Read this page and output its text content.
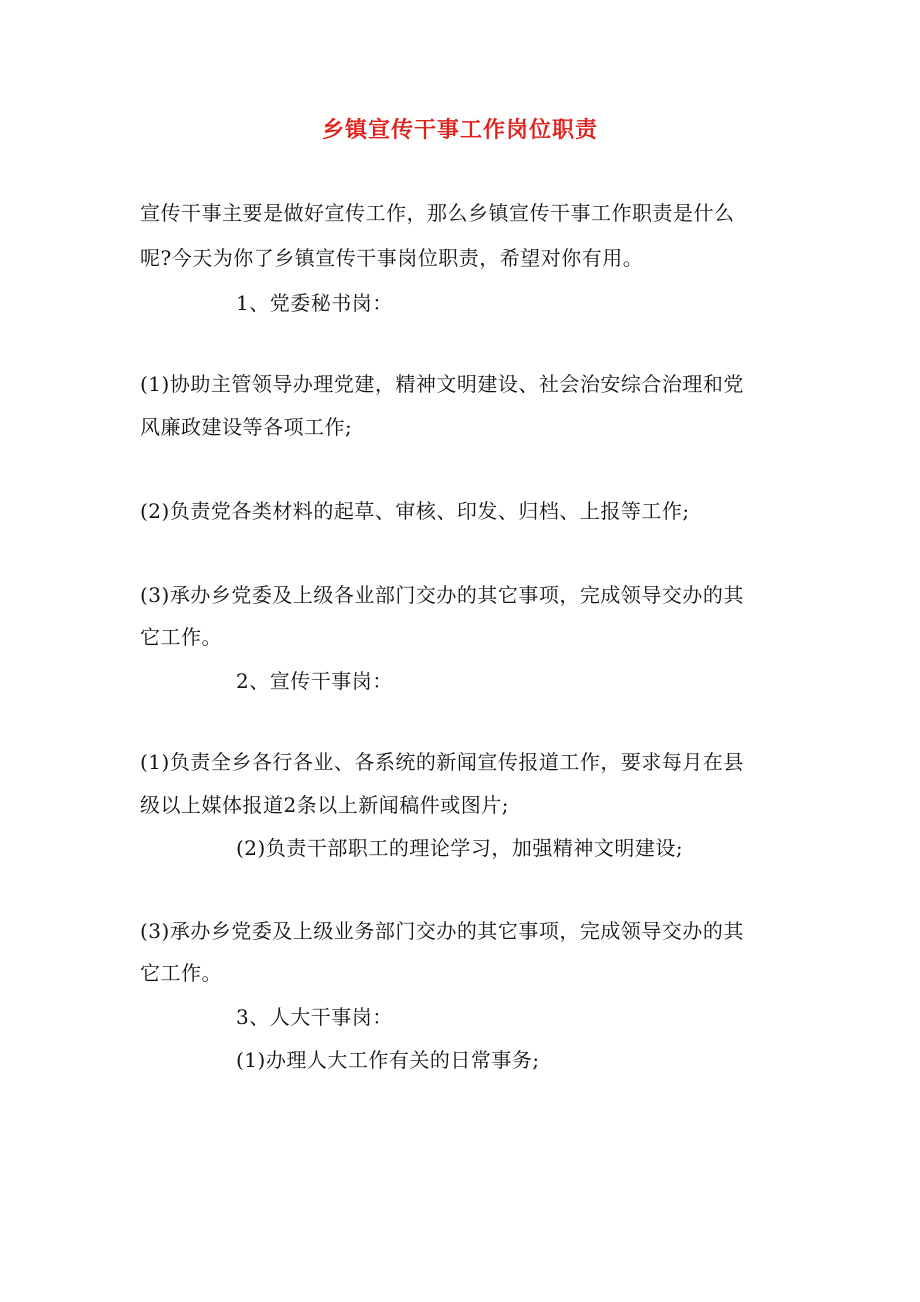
乡镇宣传干事工作岗位职责
宣传干事主要是做好宣传工作，那么乡镇宣传干事工作职责是什么
呢?今天为你了乡镇宣传干事岗位职责，希望对你有用。
1、党委秘书岗：
(1)协助主管领导办理党建，精神文明建设、社会治安综合治理和党
风廉政建设等各项工作;
(2)负责党各类材料的起草、审核、印发、归档、上报等工作;
(3)承办乡党委及上级各业部门交办的其它事项，完成领导交办的其
它工作。
2、宣传干事岗：
(1)负责全乡各行各业、各系统的新闻宣传报道工作，要求每月在县
级以上媒体报道2条以上新闻稿件或图片;
(2)负责干部职工的理论学习，加强精神文明建设;
(3)承办乡党委及上级业务部门交办的其它事项，完成领导交办的其
它工作。
3、人大干事岗：
(1)办理人大工作有关的日常事务;
